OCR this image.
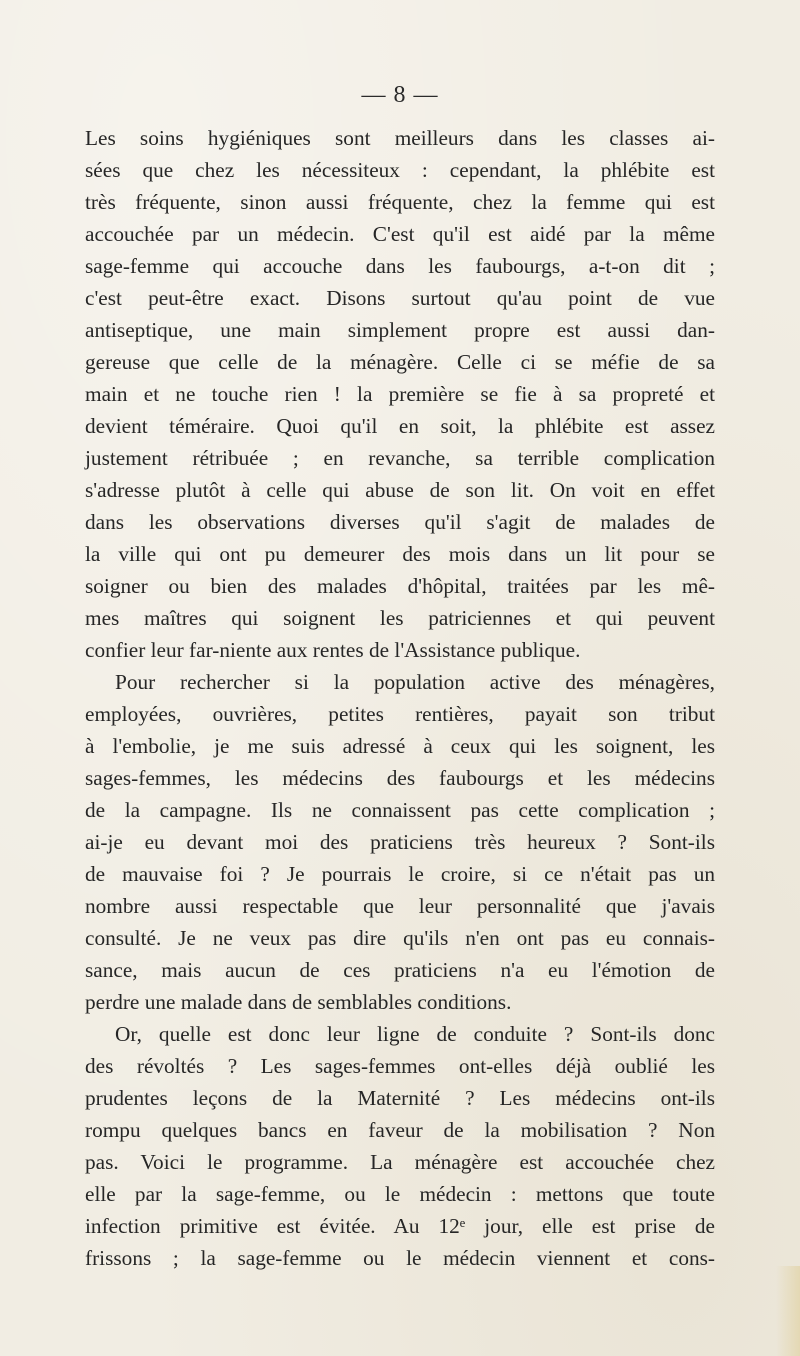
— 8 —
Les soins hygiéniques sont meilleurs dans les classes ai-
sées que chez les nécessiteux : cependant, la phlébite est
très fréquente, sinon aussi fréquente, chez la femme qui est
accouchée par un médecin. C'est qu'il est aidé par la même
sage-femme qui accouche dans les faubourgs, a-t-on dit ;
c'est peut-être exact. Disons surtout qu'au point de vue
antiseptique, une main simplement propre est aussi dan-
gereuse que celle de la ménagère. Celle ci se méfie de sa
main et ne touche rien ! la première se fie à sa propreté et
devient téméraire. Quoi qu'il en soit, la phlébite est assez
justement rétribuée ; en revanche, sa terrible complication
s'adresse plutôt à celle qui abuse de son lit. On voit en effet
dans les observations diverses qu'il s'agit de malades de
la ville qui ont pu demeurer des mois dans un lit pour se
soigner ou bien des malades d'hôpital, traitées par les mê-
mes maîtres qui soignent les patriciennes et qui peuvent
confier leur far-niente aux rentes de l'Assistance publique.
Pour rechercher si la population active des ménagères,
employées, ouvrières, petites rentières, payait son tribut
à l'embolie, je me suis adressé à ceux qui les soignent, les
sages-femmes, les médecins des faubourgs et les médecins
de la campagne. Ils ne connaissent pas cette complication ;
ai-je eu devant moi des praticiens très heureux ? Sont-ils
de mauvaise foi ? Je pourrais le croire, si ce n'était pas un
nombre aussi respectable que leur personnalité que j'avais
consulté. Je ne veux pas dire qu'ils n'en ont pas eu connais-
sance, mais aucun de ces praticiens n'a eu l'émotion de
perdre une malade dans de semblables conditions.
Or, quelle est donc leur ligne de conduite ? Sont-ils donc
des révoltés ? Les sages-femmes ont-elles déjà oublié les
prudentes leçons de la Maternité ? Les médecins ont-ils
rompu quelques bancs en faveur de la mobilisation ? Non
pas. Voici le programme. La ménagère est accouchée chez
elle par la sage-femme, ou le médecin : mettons que toute
infection primitive est évitée. Au 12ᵉ jour, elle est prise de
frissons ; la sage-femme ou le médecin viennent et cons-
